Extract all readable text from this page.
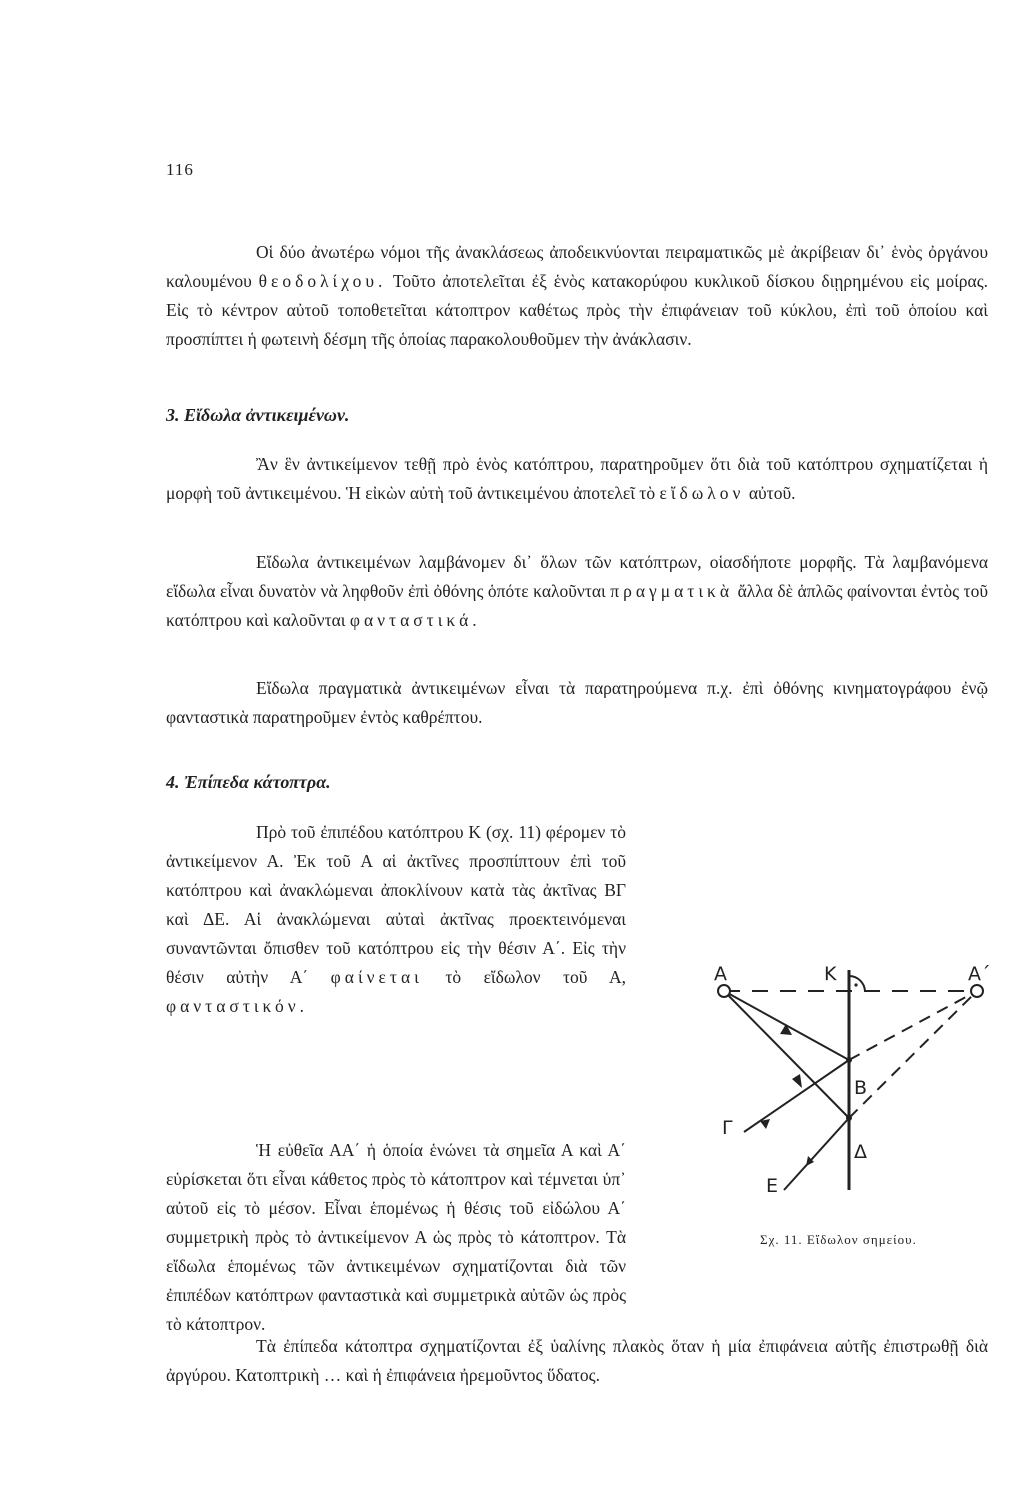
116

Οἱ δύο ἀνωτέρω νόμοι τῆς ἀνακλάσεως ἀποδεικνύονται πειραματικῶς μὲ ἀκρίβειαν δι᾿ ἑνὸς ὀργάνου καλουμένου θεοδολίχου. Τοῦτο ἀποτελεῖται ἐξ ἑνὸς κατακορύφου κυκλικοῦ δίσκου διῃρημένου εἰς μοίρας. Εἰς τὸ κέντρον αὐτοῦ τοποθετεῖται κάτοπτρον καθέτως πρὸς τὴν ἐπιφάνειαν τοῦ κύκλου, ἐπὶ τοῦ ὁποίου καὶ προσπίπτει ἡ φωτεινὴ δέσμη τῆς ὁποίας παρακολουθοῦμεν τὴν ἀνάκλασιν.

3. Εἴδωλα ἀντικειμένων.

Ἂν ἓν ἀντικείμενον τεθῇ πρὸ ἑνὸς κατόπτρου, παρατηροῦμεν ὅτι διὰ τοῦ κατόπτρου σχηματίζεται ἡ μορφὴ τοῦ ἀντικειμένου. Ἡ εἰκὼν αὐτὴ τοῦ ἀντικειμένου ἀποτελεῖ τὸ εἴδωλον αὐτοῦ.

Εἴδωλα ἀντικειμένων λαμβάνομεν δι᾿ ὅλων τῶν κατόπτρων, οἱασδήποτε μορφῆς. Τὰ λαμβανόμενα εἴδωλα εἶναι δυνατὸν νὰ ληφθοῦν ἐπὶ ὀθόνης ὁπότε καλοῦνται πραγματικὰ ἄλλα δὲ ἁπλῶς φαίνονται ἐντὸς τοῦ κατόπτρου καὶ καλοῦνται φανταστικά.

Εἴδωλα πραγματικὰ ἀντικειμένων εἶναι τὰ παρατηρούμενα π.χ. ἐπὶ ὀθόνης κινηματογράφου ἐνῷ φανταστικὰ παρατηροῦμεν ἐντὸς καθρέπτου.

4. Ἐπίπεδα κάτοπτρα.

Πρὸ τοῦ ἐπιπέδου κατόπτρου Κ (σχ. 11) φέρομεν τὸ ἀντικείμενον Α. Ἐκ τοῦ Α αἱ ἀκτῖνες προσπίπτουν ἐπὶ τοῦ κατόπτρου καὶ ἀνακλώμεναι ἀποκλίνουν κατὰ τὰς ἀκτῖνας ΒΓ καὶ ΔΕ. Αἱ ἀνακλώμεναι αὐταὶ ἀκτῖνας προεκτεινόμεναι συναντῶνται ὄπισθεν τοῦ κατόπτρου εἰς τὴν θέσιν Α΄. Εἰς τὴν θέσιν αὐτὴν Α΄ φαίνεται τὸ εἴδωλον τοῦ Α, φανταστικόν.

Ἡ εὐθεῖα ΑΑ΄ ἡ ὁποία ἑνώνει τὰ σημεῖα Α καὶ Α΄ εὑρίσκεται ὅτι εἶναι κάθετος πρὸς τὸ κάτοπτρον καὶ τέμνεται ὑπ᾿ αὐτοῦ εἰς τὸ μέσον. Εἶναι ἑπομένως ἡ θέσις τοῦ εἰδώλου Α΄ συμμετρικὴ πρὸς τὸ ἀντικείμενον Α ὡς πρὸς τὸ κάτοπτρον. Τὰ εἴδωλα ἑπομένως τῶν ἀντικειμένων σχηματίζονται διὰ τῶν ἐπιπέδων κατόπτρων φανταστικὰ καὶ συμμετρικὰ αὐτῶν ὡς πρὸς τὸ κάτοπτρον.

Τὰ ἐπίπεδα κάτοπτρα σχηματίζονται ἐξ ὑαλίνης πλακὸς ὅταν ἡ μία ἐπιφάνεια αὐτῆς ἐπιστρωθῇ διὰ ἀργύρου. Κατοπτρικὴ … καὶ ἡ ἐπιφάνεια ἠρεμοῦντος ὕδατος.

Α	Κ	Α΄
Β
Γ
Δ
Ε
Σχ. 11. Εἴδωλον σημείου.
